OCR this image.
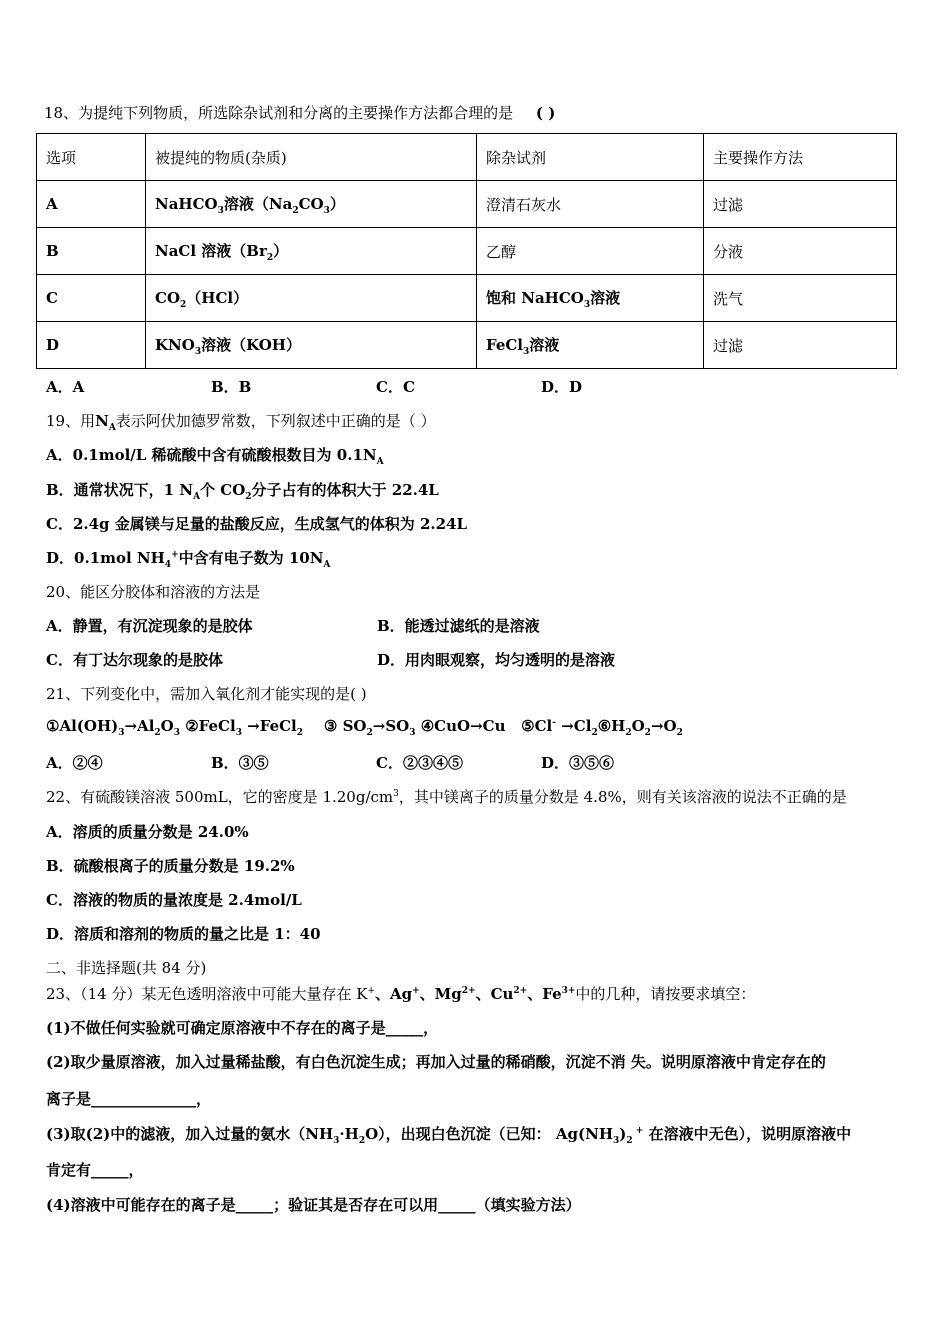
18、为提纯下列物质，所选除杂试剂和分离的主要操作方法都合理的是 ( )
选项	被提纯的物质(杂质)	除杂试剂	主要操作方法
A	NaHCO$_3$溶液$(Na_2CO_3)$	澄清石灰水	过滤
B	NaCl 溶液$(Br_2)$	乙醇	分液
C	$CO_2(HCl)$	饱和 NaHCO$_3$溶液	洗气
D	$KNO_3$溶液（KOH）	FeCl$_3$溶液	过滤
A．A	B．B	C．C	D．D
19、用$N_A$表示阿伏加德罗常数，下列叙述中正确的是（ ）
A．0.1mol/L 稀硫酸中含有硫酸根数目为 $0.1N_A$
B．通常状况下，1 $N_A$个 $CO_2$分子占有的体积大于 22.4L
C．2.4g 金属镁与足量的盐酸反应，生成氢气的体积为 2.24L
D．0.1mol $NH_4^+$中含有电子数为 $10N_A$
20、能区分胶体和溶液的方法是
A．静置，有沉淀现象的是胶体	B．能透过滤纸的是溶液
C．有丁达尔现象的是胶体	D．用肉眼观察，均匀透明的是溶液
21、下列变化中，需加入氧化剂才能实现的是( )
$①Al(OH)_3\to Al_2O_3$ ②FeCl$_3$ →FeCl$_2$    ③ $SO_2\to SO_3$ ④CuO→Cu   ⑤Cl- $\to Cl_2⑥H_2O_2\to O_2$
A．②④	B．③⑤	C．②③④⑤	D．③⑤⑥
22、有硫酸镁溶液 500mL，它的密度是 $1.20g/cm^3$，其中镁离子的质量分数是 4.8%，则有关该溶液的说法不正确的是
A．溶质的质量分数是 24.0%
B．硫酸根离子的质量分数是 19.2%
C．溶液的物质的量浓度是 2.4mol/L
D．溶质和溶剂的物质的量之比是 1：40
二、非选择题(共 84 分)
23、（14 分）某无色透明溶液中可能大量存在 K+、Ag+、$Mg^{2+}$、$Cu^{2+}$、$Fe^{3+}$中的几种，请按要求填空：
(1)不做任何实验就可确定原溶液中不存在的离子是_____，
(2)取少量原溶液，加入过量稀盐酸，有白色沉淀生成；再加入过量的稀硝酸，沉淀不消 失。说明原溶液中肯定存在的
离子是______________，
(3)取(2)中的滤液，加入过量的氨水$(NH_3\cdot H_2O)$，出现白色沉淀（已知： $Ag(NH_3)_2$ + 在溶液中无色），说明原溶液中
肯定有_____，
(4)溶液中可能存在的离子是_____；验证其是否存在可以用_____（填实验方法）
